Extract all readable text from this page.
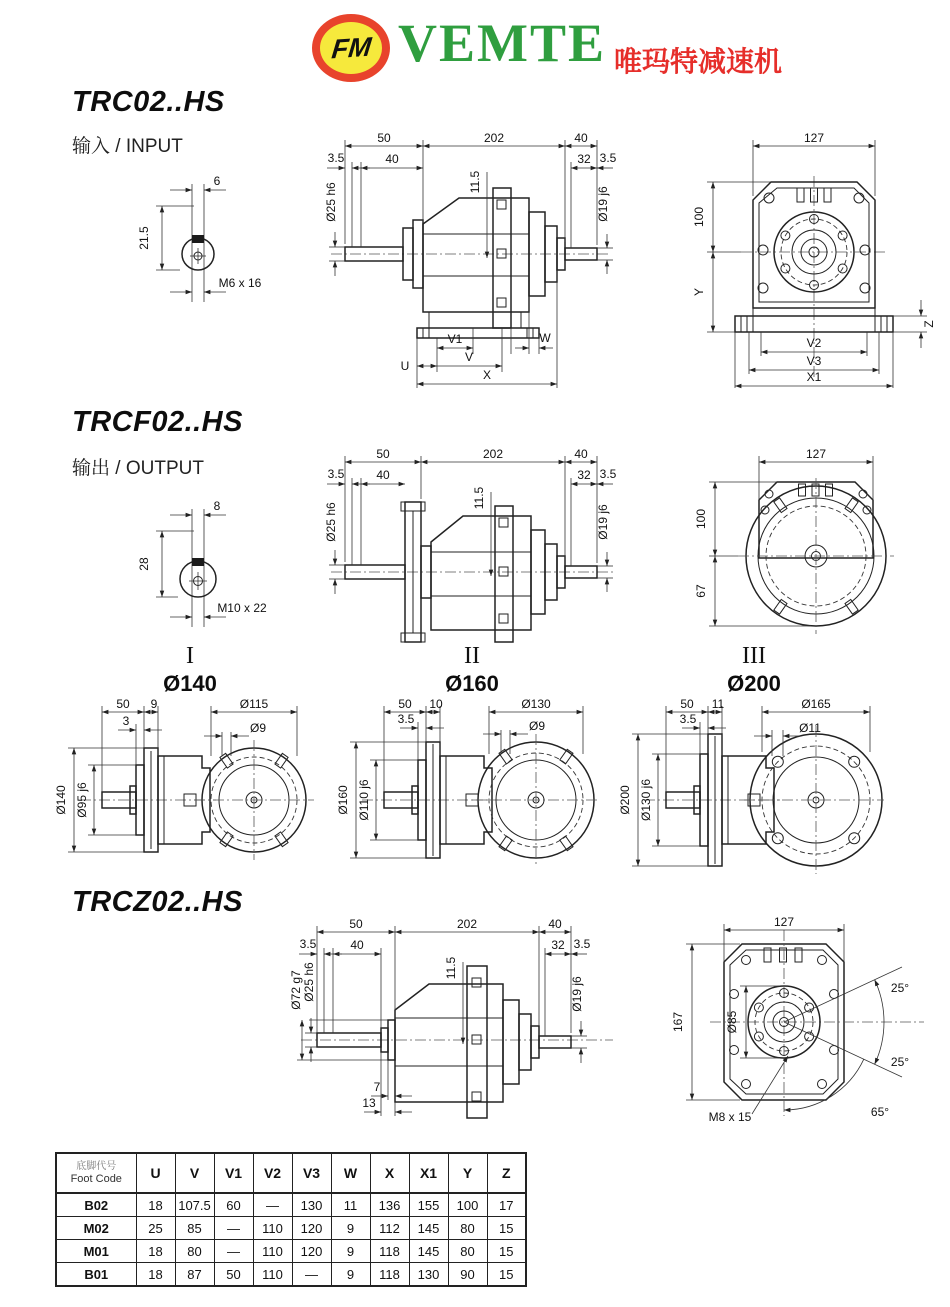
FM VEMTE 唯玛特减速机
TRC02..HS
输入 / INPUT
6
21.5
M6 x 16
50	202	40
3.5	40
11.5
32 3.5
Ø25 h6	Ø19 j6
V1	W
U
V
X
127
100
Y
Z
V2
V3
X1
TRCF02..HS
输出 / OUTPUT
8
28
M10 x 22
50	202	40
3.5	40
11.5
32 3.5
Ø25 h6	Ø19 j6
127
100
67
I
Ø140
II
Ø160
III
Ø200
50 9
3
Ø140 Ø95 j6
Ø115
Ø9
50 10
3.5
Ø160 Ø110 j6
Ø130
Ø9
50 11
3.5
Ø200 Ø130 j6
Ø165
Ø11
TRCZ02..HS
50	202	40
3.5	40
11.5
32 3.5
Ø25 h6
Ø72 g7	Ø19 j6
7
13
127
167	Ø85
25°
25°
65°
M8 x 15
底脚代号
Foot Code	U	V	V1	V2	V3	W	X	X1	Y	Z
B02	18	107.5	60	—	130	11	136	155	100	17
M02	25	85	—	110	120	9	112	145	80	15
M01	18	80	—	110	120	9	118	145	80	15
B01	18	87	50	110	—	9	118	130	90	15
